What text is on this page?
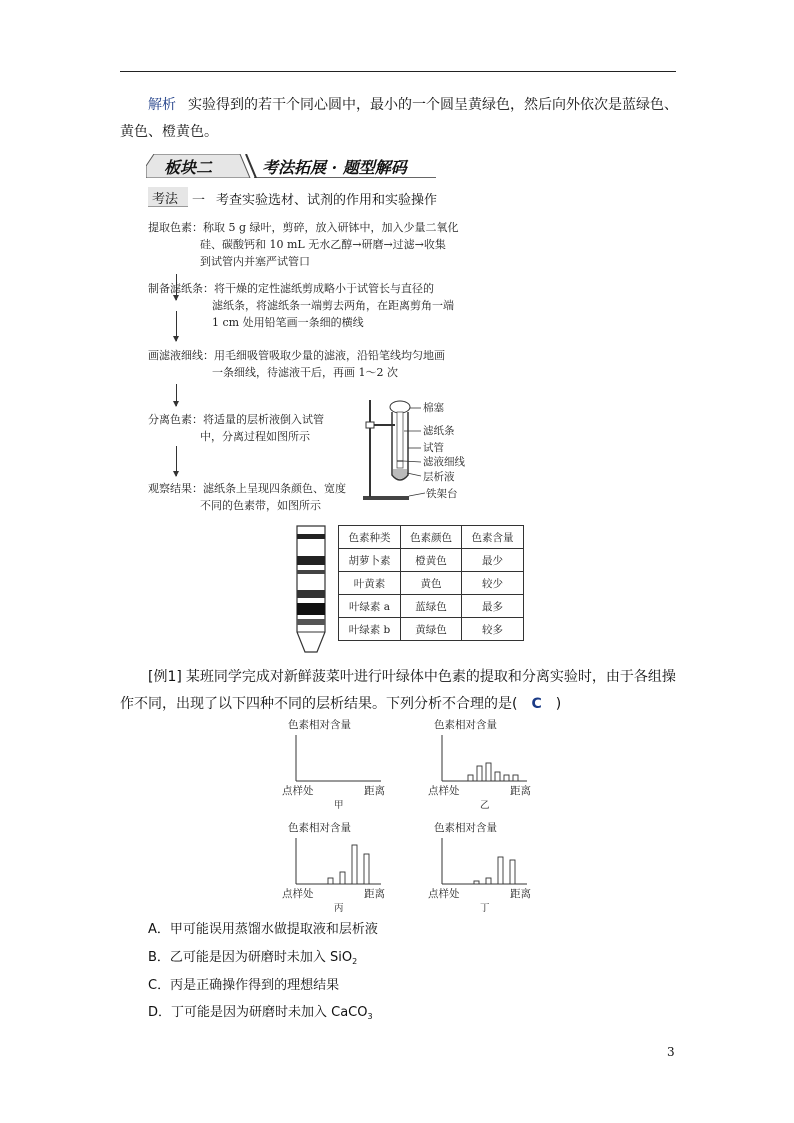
解析 实验得到的若干个同心圆中，最小的一个圆呈黄绿色，然后向外依次是蓝绿色、
黄色、橙黄色。
板块二	考法拓展 · 题型解码
考法 一 考查实验选材、试剂的作用和实验操作
提取色素：称取 5 g 绿叶，剪碎，放入研钵中，加入少量二氧化
硅、碳酸钙和 10 mL 无水乙醇→研磨→过滤→收集
到试管内并塞严试管口
制备滤纸条：将干燥的定性滤纸剪成略小于试管长与直径的
滤纸条，将滤纸条一端剪去两角，在距离剪角一端
1 cm 处用铅笔画一条细的横线
画滤液细线：用毛细吸管吸取少量的滤液，沿铅笔线均匀地画
一条细线，待滤液干后，再画 1～2 次
分离色素：将适量的层析液倒入试管
中，分离过程如图所示
观察结果：滤纸条上呈现四条颜色、宽度
不同的色素带，如图所示
棉塞
滤纸条
试管
滤液细线
层析液
铁架台
色素种类	色素颜色	色素含量
胡萝卜素	橙黄色	最少
叶黄素	黄色	较少
叶绿素 a	蓝绿色	最多
叶绿素 b	黄绿色	较多
[例1] 某班同学完成对新鲜菠菜叶进行叶绿体中色素的提取和分离实验时，由于各组操
作不同，出现了以下四种不同的层析结果。下列分析不合理的是( C )
色素相对含量
点样处	距离
甲
色素相对含量
点样处	距离
乙
色素相对含量
点样处	距离
丙
色素相对含量
点样处	距离
丁
A．甲可能误用蒸馏水做提取液和层析液
B．乙可能是因为研磨时未加入 SiO$_2$
C．丙是正确操作得到的理想结果
D．丁可能是因为研磨时未加入 CaCO$_3$
3
